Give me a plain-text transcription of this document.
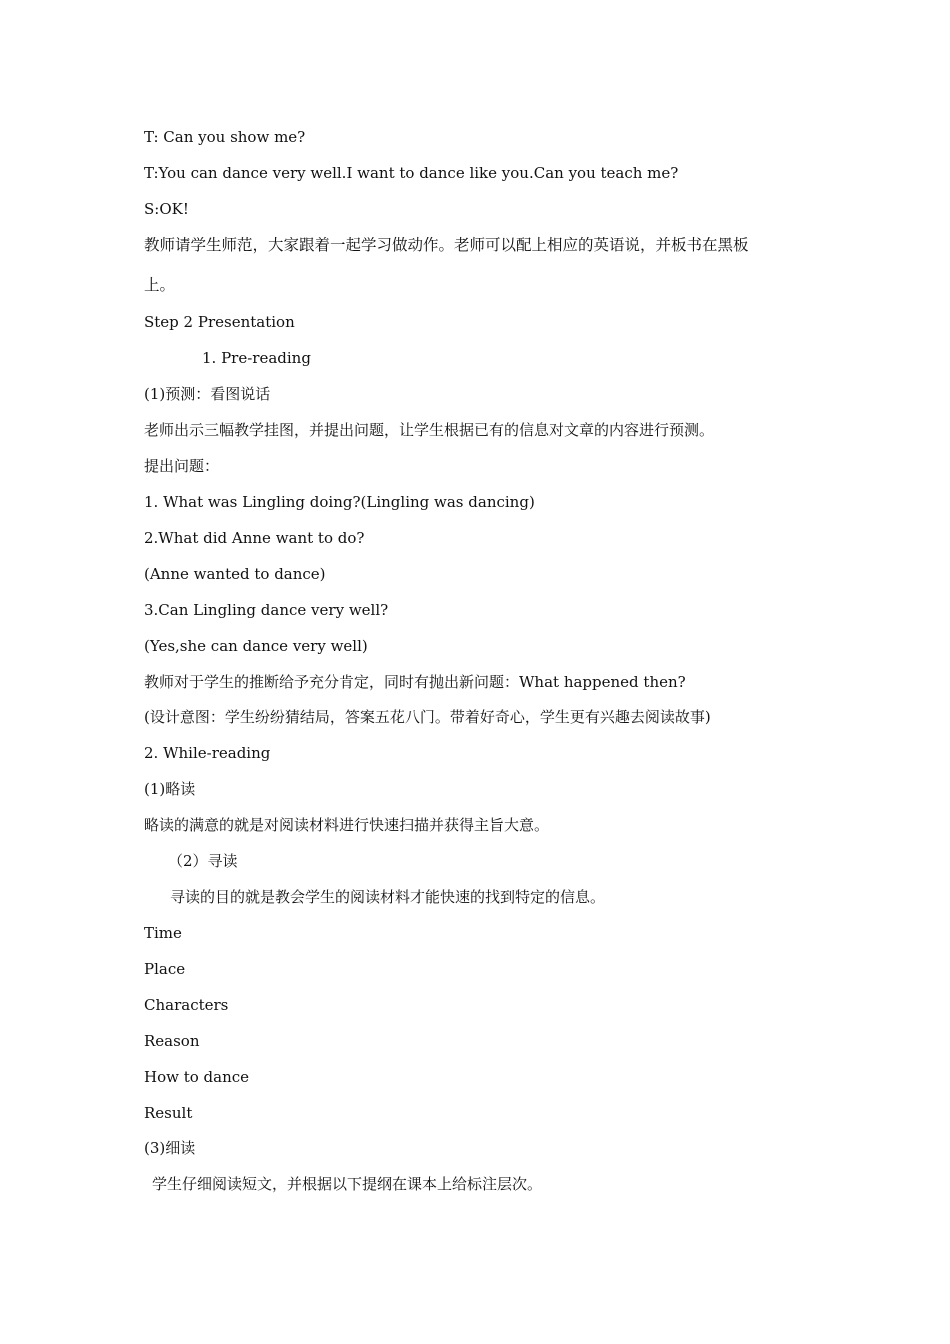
T: Can you show me?
T:You can dance very well.I want to dance like you.Can you teach me?
S:OK!
教师请学生师范，大家跟着一起学习做动作。老师可以配上相应的英语说，并板书在黑板
上。
Step 2 Presentation
1. Pre-reading
(1)预测：看图说话
老师出示三幅教学挂图，并提出问题，让学生根据已有的信息对文章的内容进行预测。
提出问题：
1. What was Lingling doing?(Lingling was dancing)
2.What did Anne want to do?
(Anne wanted to dance)
3.Can Lingling dance very well?
(Yes,she can dance very well)
教师对于学生的推断给予充分肯定，同时有抛出新问题：What happened then?
(设计意图：学生纷纷猜结局，答案五花八门。带着好奇心，学生更有兴趣去阅读故事)
2. While-reading
(1)略读
略读的满意的就是对阅读材料进行快速扫描并获得主旨大意。
（2）寻读
寻读的目的就是教会学生的阅读材料才能快速的找到特定的信息。
Time
Place
Characters
Reason
How to dance
Result
(3)细读
学生仔细阅读短文，并根据以下提纲在课本上给标注层次。
